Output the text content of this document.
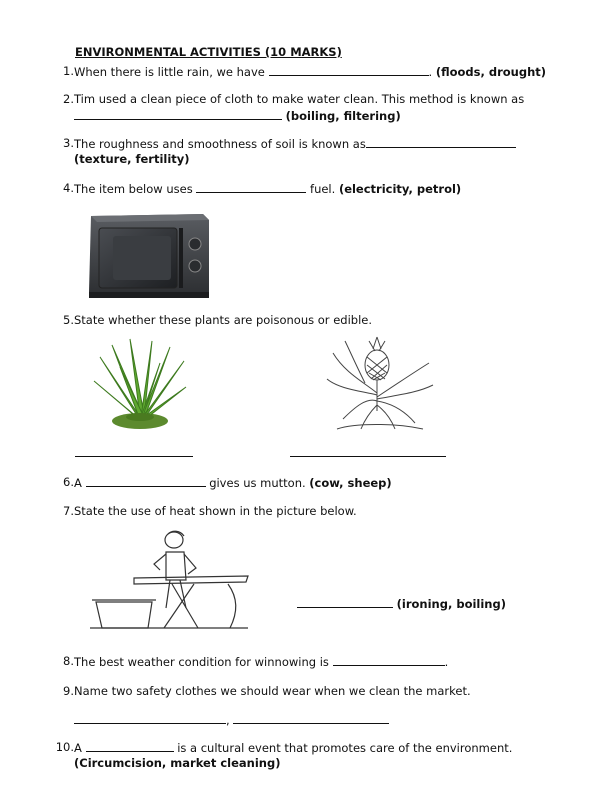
ENVIRONMENTAL ACTIVITIES (10 MARKS)
1. When there is little rain, we have	. (floods, drought)
2. Tim used a clean piece of cloth to make water clean. This method is known as
(boiling, filtering)
3. The roughness and smoothness of soil is known as
(texture, fertility)
4. The item below uses	fuel. (electricity, petrol)
5. State whether these plants are poisonous or edible.
6. A	gives us mutton. (cow, sheep)
7. State the use of heat shown in the picture below.
(ironing, boiling)
8. The best weather condition for winnowing is	.
9. Name two safety clothes we should wear when we clean the market.
,
10. A	is a cultural event that promotes care of the environment.
(Circumcision, market cleaning)
